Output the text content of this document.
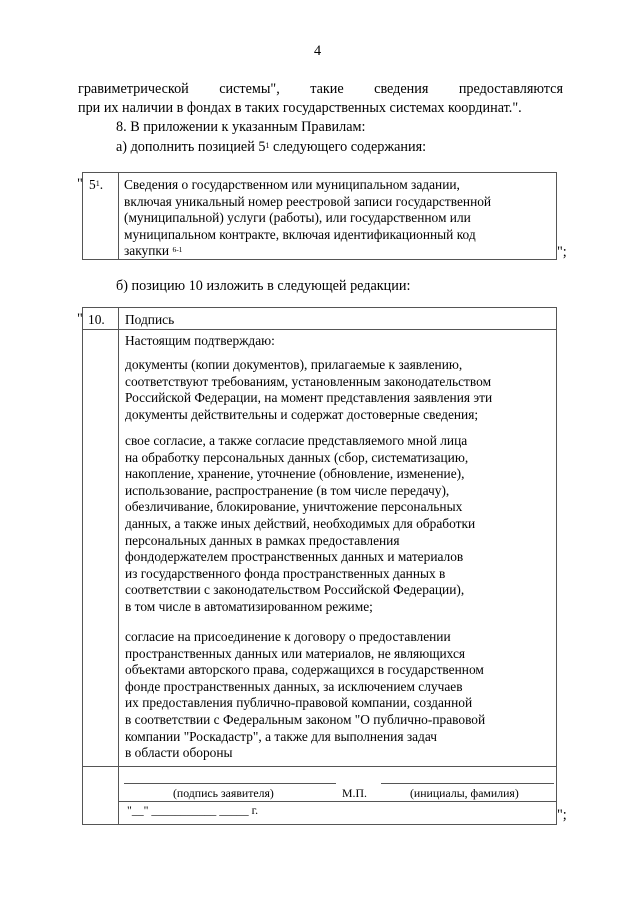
4
гравиметрической системы", такие сведения предоставляются
при их наличии в фондах в таких государственных системах координат.".
8. В приложении к указанным Правилам:
а) дополнить позицией $5^1$ следующего содержания:
" $5^1$. Сведения о государственном или муниципальном задании,
включая уникальный номер реестровой записи государственной
(муниципальной) услуги (работы), или государственном или
муниципальном контракте, включая идентификационный код
закупки $^{6-1}$	";
б) позицию 10 изложить в следующей редакции:
" 10. Подпись
Настоящим подтверждаю:
документы (копии документов), прилагаемые к заявлению,
соответствуют требованиям, установленным законодательством
Российской Федерации, на момент представления заявления эти
документы действительны и содержат достоверные сведения;
свое согласие, а также согласие представляемого мной лица
на обработку персональных данных (сбор, систематизацию,
накопление, хранение, уточнение (обновление, изменение),
использование, распространение (в том числе передачу),
обезличивание, блокирование, уничтожение персональных
данных, а также иных действий, необходимых для обработки
персональных данных в рамках предоставления
фондодержателем пространственных данных и материалов
из государственного фонда пространственных данных в
соответствии с законодательством Российской Федерации),
в том числе в автоматизированном режиме;
согласие на присоединение к договору о предоставлении
пространственных данных или материалов, не являющихся
объектами авторского права, содержащихся в государственном
фонде пространственных данных, за исключением случаев
их предоставления публично-правовой компании, созданной
в соответствии с Федеральным законом "О публично-правовой
компании "Роскадастр", а также для выполнения задач
в области обороны
(подпись заявителя)	М.П.	(инициалы, фамилия)
"__" ___________ _____ г.	";
